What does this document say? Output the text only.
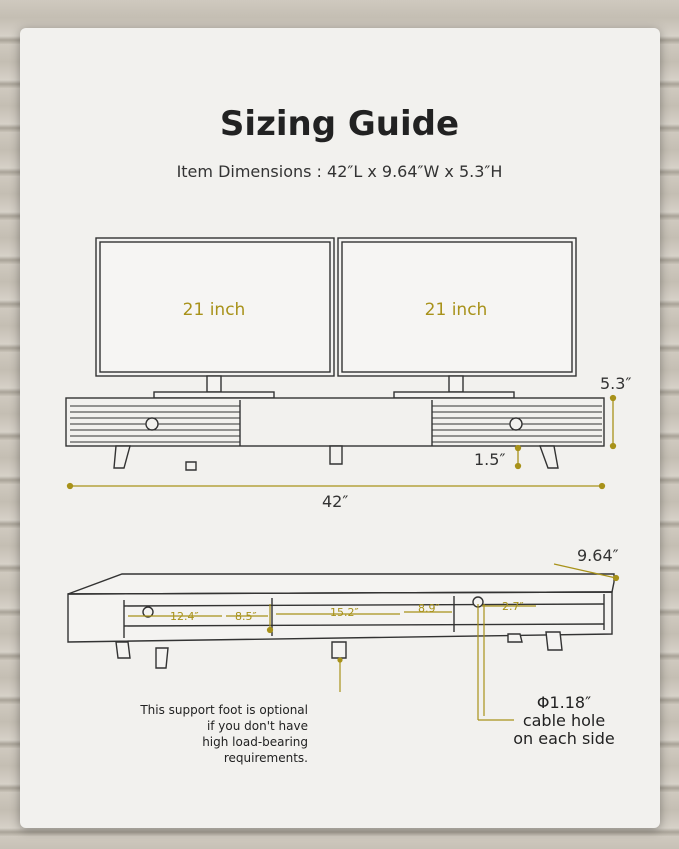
Sizing Guide
Item Dimensions : 42″L x 9.64″W x 5.3″H
21 inch	21 inch
5.3″
1.5″
42″
9.64″
12.4″	8.5″	15.2″	8.9″	2.7″
This support foot is optional
if you don't have
high load-bearing requirements.
Φ1.18″
cable hole
on each side
